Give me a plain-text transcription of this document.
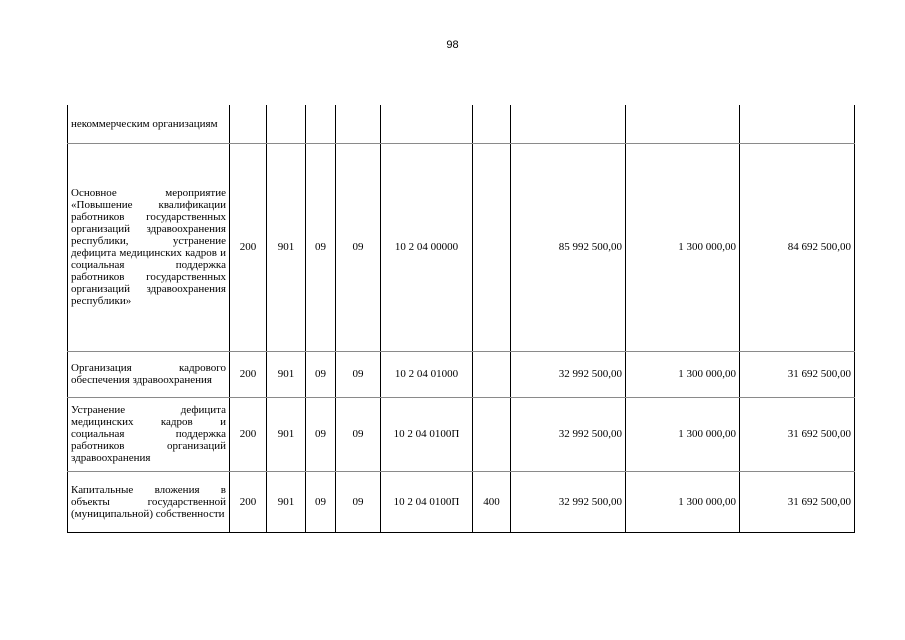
98
некоммерческим организациям									
Основное мероприятие «Повышение квалификации работников государственных организаций здравоохранения республики, устранение дефицита медицинских кадров и социальная поддержка работников государственных организаций здравоохранения республики»	200	901	09	09	10 2 04 00000		85 992 500,00	1 300 000,00	84 692 500,00
Организация кадрового обеспечения здравоохранения	200	901	09	09	10 2 04 01000		32 992 500,00	1 300 000,00	31 692 500,00
Устранение дефицита медицинских кадров и социальная поддержка работников организаций здравоохранения	200	901	09	09	10 2 04 0100П		32 992 500,00	1 300 000,00	31 692 500,00
Капитальные вложения в объекты государственной (муниципальной) собственности	200	901	09	09	10 2 04 0100П	400	32 992 500,00	1 300 000,00	31 692 500,00
